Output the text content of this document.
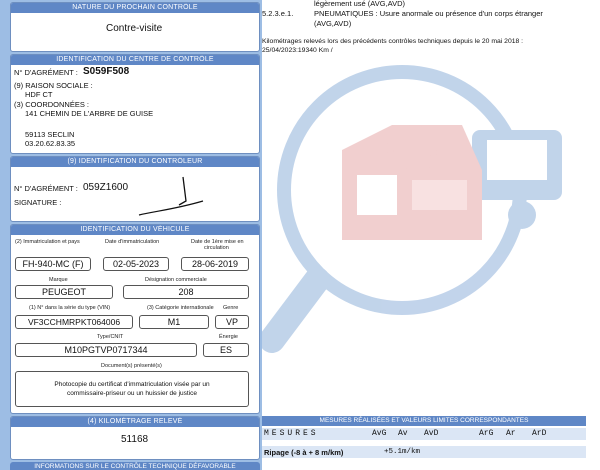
NATURE DU PROCHAIN CONTRÔLE
Contre-visite
IDENTIFICATION DU CENTRE DE CONTRÔLE
N° D'AGRÉMENT : S059F508
(9) RAISON SOCIALE :
HDF CT
(3) COORDONNÉES :
141 CHEMIN DE L'ARBRE DE GUISE
59113 SECLIN
03.20.62.83.35
(9) IDENTIFICATION DU CONTRÔLEUR
N° D'AGRÉMENT : 059Z1600
SIGNATURE :
IDENTIFICATION DU VÉHICULE
(2) Immatriculation et pays	Date d'immatriculation	Date de 1ère mise en
circulation
FH-940-MC (F)	02-05-2023	28-06-2019
Marque	Désignation commerciale
PEUGEOT	208
(1) N° dans la série du type (VIN)	(3) Catégorie internationale Genre
VF3CCHMRPKT064006	M1	VP
Type/CNIT	Énergie
M10PGTVP0717344	ES
Document(s) présenté(s)
Photocopie du certificat d'immatriculation visée par un
commissaire-priseur ou un huissier de justice
(4) KILOMÉTRAGE RELEVÉ
51168
INFORMATIONS SUR LE CONTRÔLE TECHNIQUE DÉFAVORABLE
légèrement usé (AVG,AVD)
5.2.3.e.1.	PNEUMATIQUES : Usure anormale ou présence d'un corps étranger
(AVG,AVD)
Kilométrages relevés lors des précédents contrôles techniques depuis le 20 mai 2018 :
25/04/2023:19340 Km /
MESURES RÉALISÉES ET VALEURS LIMITES CORRESPONDANTES
MESURES	AvG Av AvD	ArG Ar ArD
Ripage (-8 à + 8 m/km)	+5.1m/km
